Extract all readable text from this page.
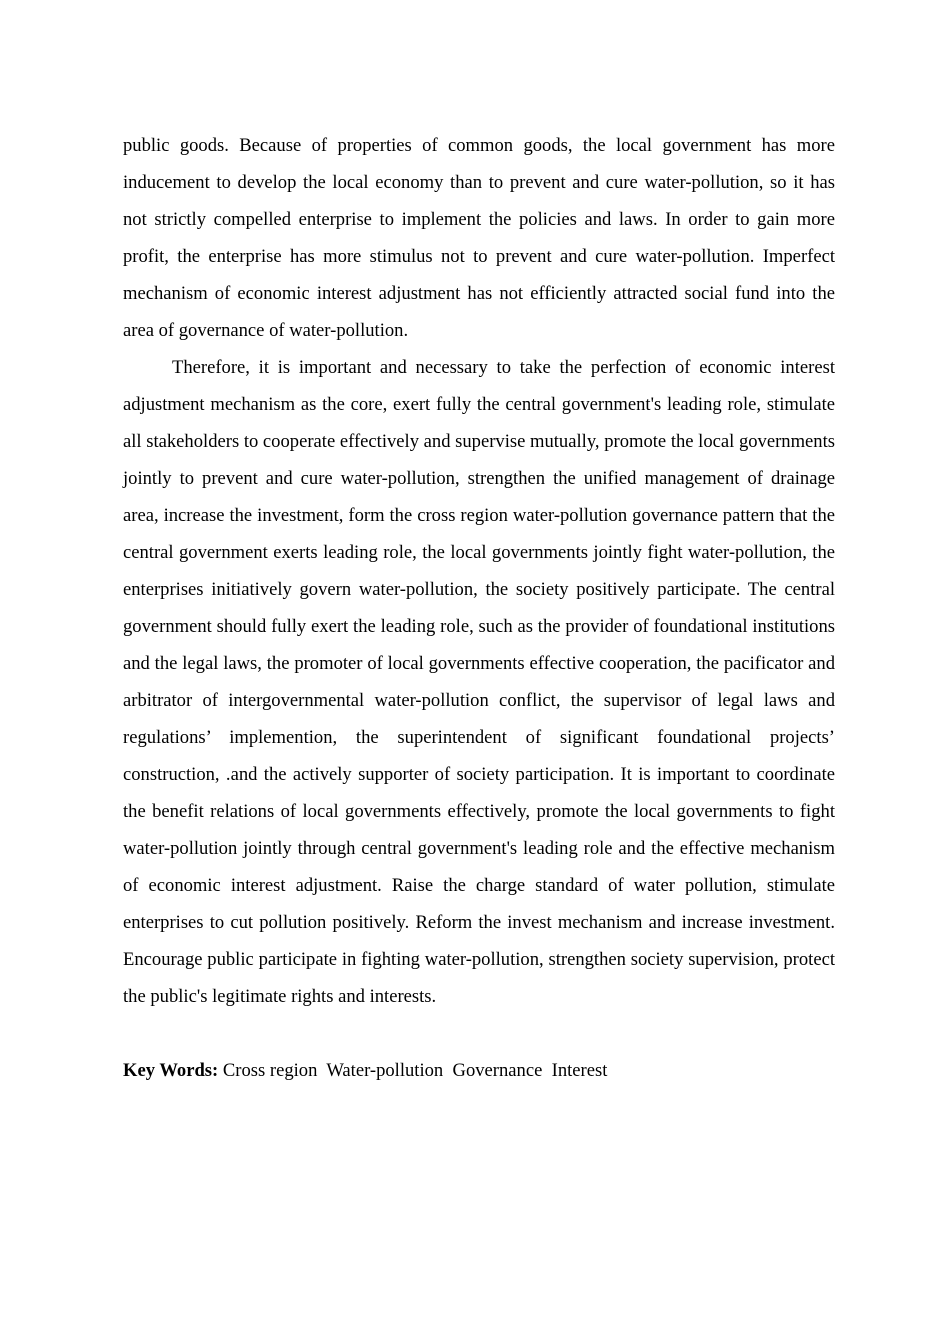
public goods. Because of properties of common goods, the local government has more inducement to develop the local economy than to prevent and cure water-pollution, so it has not strictly compelled enterprise to implement the policies and laws. In order to gain more profit, the enterprise has more stimulus not to prevent and cure water-pollution. Imperfect mechanism of economic interest adjustment has not efficiently attracted social fund into the area of governance of water-pollution.

Therefore, it is important and necessary to take the perfection of economic interest adjustment mechanism as the core, exert fully the central government's leading role, stimulate all stakeholders to cooperate effectively and supervise mutually, promote the local governments jointly to prevent and cure water-pollution, strengthen the unified management of drainage area, increase the investment, form the cross region water-pollution governance pattern that the central government exerts leading role, the local governments jointly fight water-pollution, the enterprises initiatively govern water-pollution, the society positively participate. The central government should fully exert the leading role, such as the provider of foundational institutions and the legal laws, the promoter of local governments effective cooperation, the pacificator and arbitrator of intergovernmental water-pollution conflict, the supervisor of legal laws and regulations’ implemention, the superintendent of significant foundational projects’ construction, .and the actively supporter of society participation. It is important to coordinate the benefit relations of local governments effectively, promote the local governments to fight water-pollution jointly through central government's leading role and the effective mechanism of economic interest adjustment. Raise the charge standard of water pollution, stimulate enterprises to cut pollution positively. Reform the invest mechanism and increase investment. Encourage public participate in fighting water-pollution, strengthen society supervision, protect the public's legitimate rights and interests.

Key Words: Cross region  Water-pollution  Governance  Interest
